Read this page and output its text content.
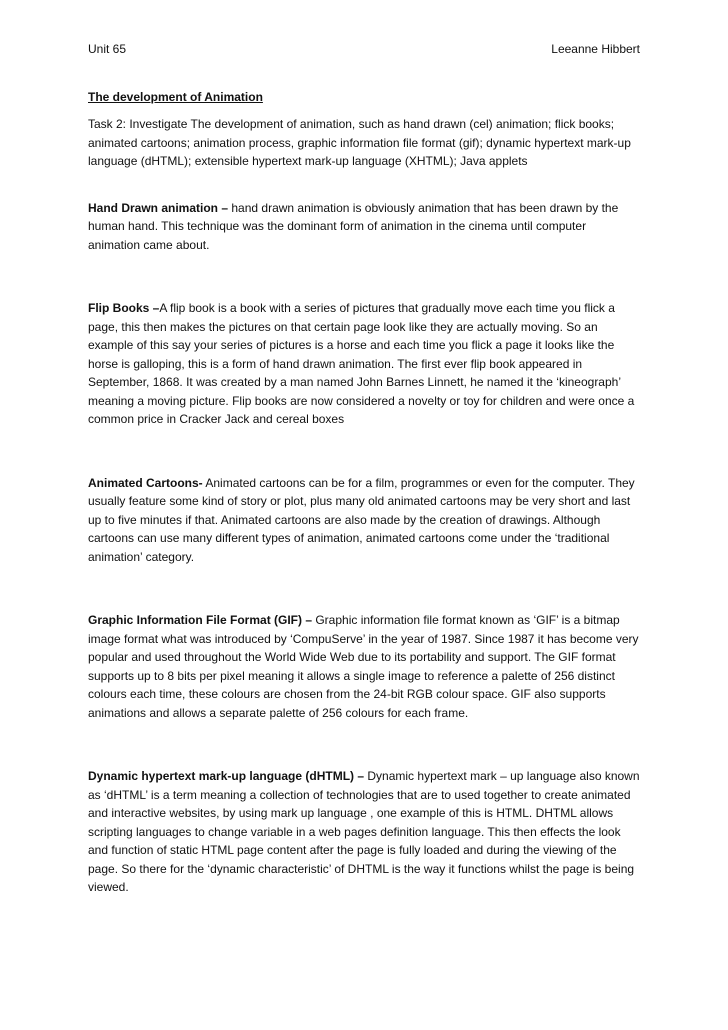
Unit 65	Leeanne Hibbert
The development of Animation
Task 2: Investigate The development of animation, such as hand drawn (cel) animation; flick books; animated cartoons; animation process, graphic information file format (gif); dynamic hypertext mark-up language (dHTML); extensible hypertext mark-up language (XHTML); Java applets

Hand Drawn animation – hand drawn animation is obviously animation that has been drawn by the human hand. This technique was the dominant form of animation in the cinema until computer animation came about.

Flip Books –A flip book is a book with a series of pictures that gradually move each time you flick a page, this then makes the pictures on that certain page look like they are actually moving. So an example of this say your series of pictures is a horse and each time you flick a page it looks like the horse is galloping, this is a form of hand drawn animation. The first ever flip book appeared in September, 1868. It was created by a man named John Barnes Linnett, he named it the ‘kineograph’ meaning a moving picture. Flip books are now considered a novelty or toy for children and were once a common price in Cracker Jack and cereal boxes

Animated Cartoons- Animated cartoons can be for a film, programmes or even for the computer. They usually feature some kind of story or plot, plus many old animated cartoons may be very short and last up to five minutes if that. Animated cartoons are also made by the creation of drawings. Although cartoons can use many different types of animation, animated cartoons come under the ‘traditional animation’ category.

Graphic Information File Format (GIF) – Graphic information file format known as ‘GIF’ is a bitmap image format what was introduced by ‘CompuServe’ in the year of 1987. Since 1987 it has become very popular and used throughout the World Wide Web due to its portability and support. The GIF format supports up to 8 bits per pixel meaning it allows a single image to reference a palette of 256 distinct colours each time, these colours are chosen from the 24-bit RGB colour space. GIF also supports animations and allows a separate palette of 256 colours for each frame.

Dynamic hypertext mark-up language (dHTML) – Dynamic hypertext mark – up language also known as ‘dHTML’ is a term meaning a collection of technologies that are to used together to create animated and interactive websites, by using mark up language , one example of this is HTML. DHTML allows scripting languages to change variable in a web pages definition language. This then effects the look and function of static HTML page content after the page is fully loaded and during the viewing of the page. So there for the ‘dynamic characteristic’ of DHTML is the way it functions whilst the page is being viewed.
